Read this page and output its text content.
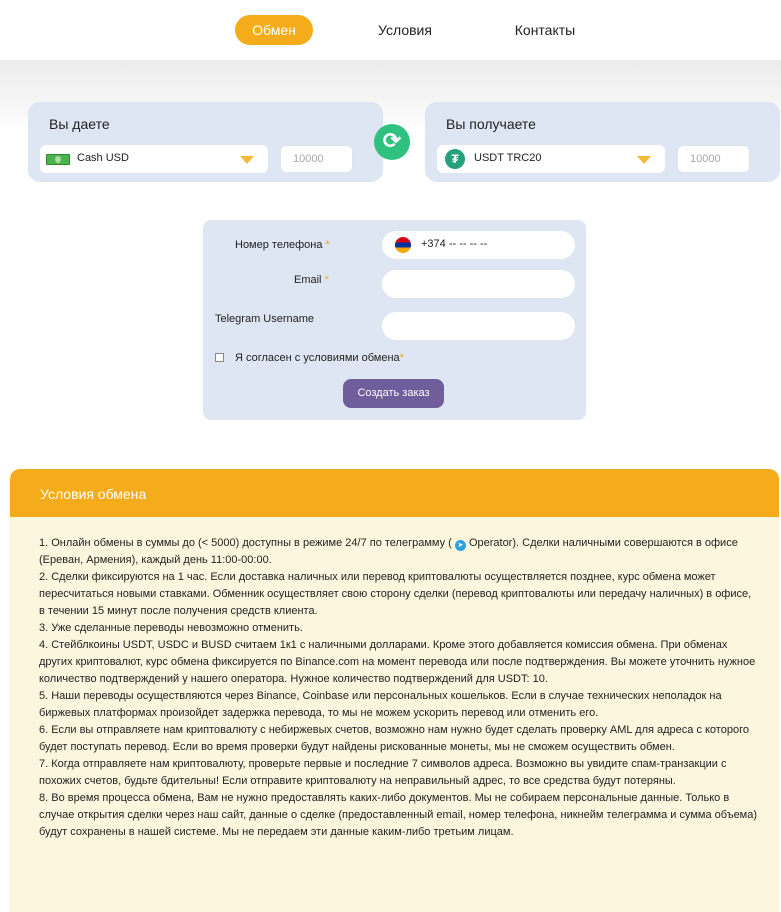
Обмен	Условия	Контакты
Вы даете
Cash USD
10000
⟳
Вы получаете
₮	USDT TRC20
10000
Номер телефона *	+374 -- -- -- --
Email *
Telegram Username
Я согласен с условиями обмена*
Создать заказ
Условия обмена

1. Онлайн обмены в суммы до (< 5000) доступны в режиме 24/7 по телеграмму ( ➤ Operator). Сделки наличными совершаются в офисе (Ереван, Армения), каждый день 11:00-00:00.

2. Сделки фиксируются на 1 час. Если доставка наличных или перевод криптовалюты осуществляется позднее, курс обмена может пересчитаться новыми ставками. Обменник осуществляет свою сторону сделки (перевод криптовалюты или передачу наличных) в офисе, в течении 15 минут после получения средств клиента.

3. Уже сделанные переводы невозможно отменить.

4. Стейблкоины USDT, USDC и BUSD считаем 1к1 с наличными долларами. Кроме этого добавляется комиссия обмена. При обменах других криптовалют, курс обмена фиксируется по Binance.com на момент перевода или после подтверждения. Вы можете уточнить нужное количество подтверждений у нашего оператора. Нужное количество подтверждений для USDT: 10.

5. Наши переводы осуществляются через Binance, Coinbase или персональных кошельков. Если в случае технических неполадок на биржевых платформах произойдет задержка перевода, то мы не можем ускорить перевод или отменить его.

6. Если вы отправляете нам криптовалюту с небиржевых счетов, возможно нам нужно будет сделать проверку AML для адреса с которого будет поступать перевод. Если во время проверки будут найдены рискованные монеты, мы не сможем осуществить обмен.

7. Когда отправляете нам криптовалюту, проверьте первые и последние 7 символов адреса. Возможно вы увидите спам-транзакции с похожих счетов, будьте бдительны! Если отправите криптовалюту на неправильный адрес, то все средства будут потеряны.

8. Во время процесса обмена, Вам не нужно предоставлять каких-либо документов. Мы не собираем персональные данные. Только в случае открытия сделки через наш сайт, данные о сделке (предоставленный email, номер телефона, никнейм телеграмма и сумма объема) будут сохранены в нашей системе. Мы не передаем эти данные каким-либо третьим лицам.
